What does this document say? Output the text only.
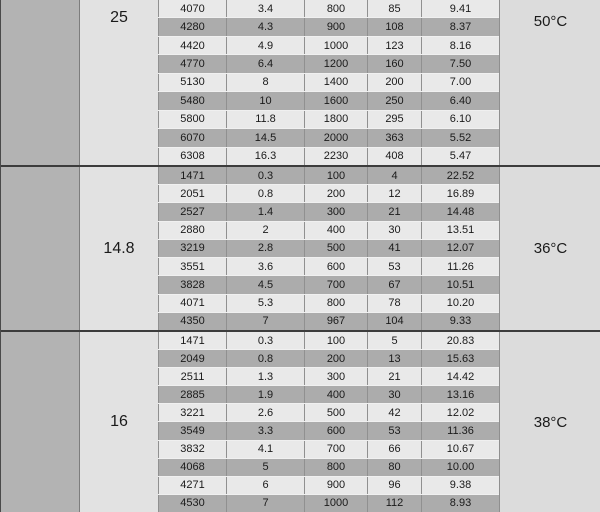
25
4070	3.4	800	85	9.41
4280	4.3	900	108	8.37
4420	4.9	1000	123	8.16
4770	6.4	1200	160	7.50
5130	8	1400	200	7.00
5480	10	1600	250	6.40
5800	11.8	1800	295	6.10
6070	14.5	2000	363	5.52
6308	16.3	2230	408	5.47
50°C
14.8
1471	0.3	100	4	22.52
2051	0.8	200	12	16.89
2527	1.4	300	21	14.48
2880	2	400	30	13.51
3219	2.8	500	41	12.07
3551	3.6	600	53	11.26
3828	4.5	700	67	10.51
4071	5.3	800	78	10.20
4350	7	967	104	9.33
36°C
16
1471	0.3	100	5	20.83
2049	0.8	200	13	15.63
2511	1.3	300	21	14.42
2885	1.9	400	30	13.16
3221	2.6	500	42	12.02
3549	3.3	600	53	11.36
3832	4.1	700	66	10.67
4068	5	800	80	10.00
4271	6	900	96	9.38
4530	7	1000	112	8.93
38°C
